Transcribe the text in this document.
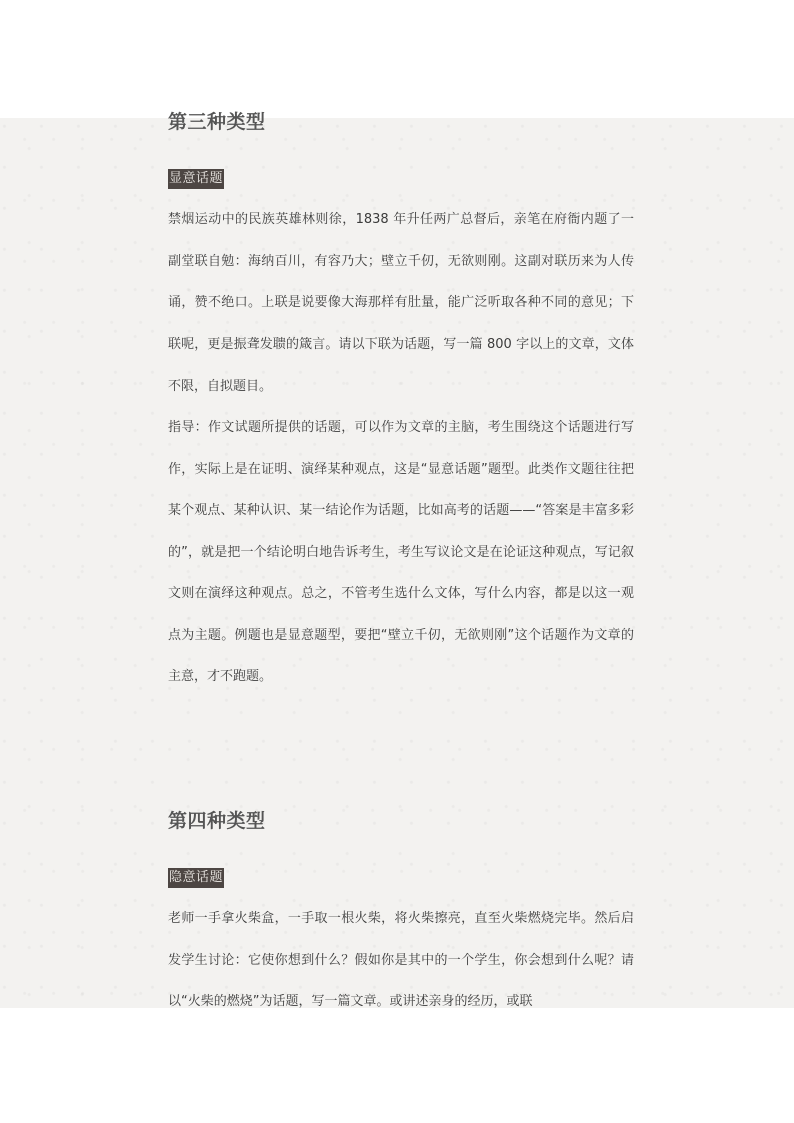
第三种类型
显意话题

禁烟运动中的民族英雄林则徐，1838 年升任两广总督后，亲笔在府衙内题了一副堂联自勉：海纳百川，有容乃大；壁立千仞，无欲则刚。这副对联历来为人传诵，赞不绝口。上联是说要像大海那样有肚量，能广泛听取各种不同的意见；下联呢，更是振聋发聩的箴言。请以下联为话题，写一篇 800 字以上的文章，文体不限，自拟题目。

指导：作文试题所提供的话题，可以作为文章的主脑，考生围绕这个话题进行写作，实际上是在证明、演绎某种观点，这是“显意话题”题型。此类作文题往往把某个观点、某种认识、某一结论作为话题，比如高考的话题——“答案是丰富多彩的”，就是把一个结论明白地告诉考生，考生写议论文是在论证这种观点，写记叙文则在演绎这种观点。总之，不管考生选什么文体，写什么内容，都是以这一观点为主题。例题也是显意题型，要把“壁立千仞，无欲则刚”这个话题作为文章的主意，才不跑题。

第四种类型
隐意话题

老师一手拿火柴盒，一手取一根火柴，将火柴擦亮，直至火柴燃烧完毕。然后启发学生讨论：它使你想到什么？假如你是其中的一个学生，你会想到什么呢？请以“火柴的燃烧”为话题，写一篇文章。或讲述亲身的经历，或联
